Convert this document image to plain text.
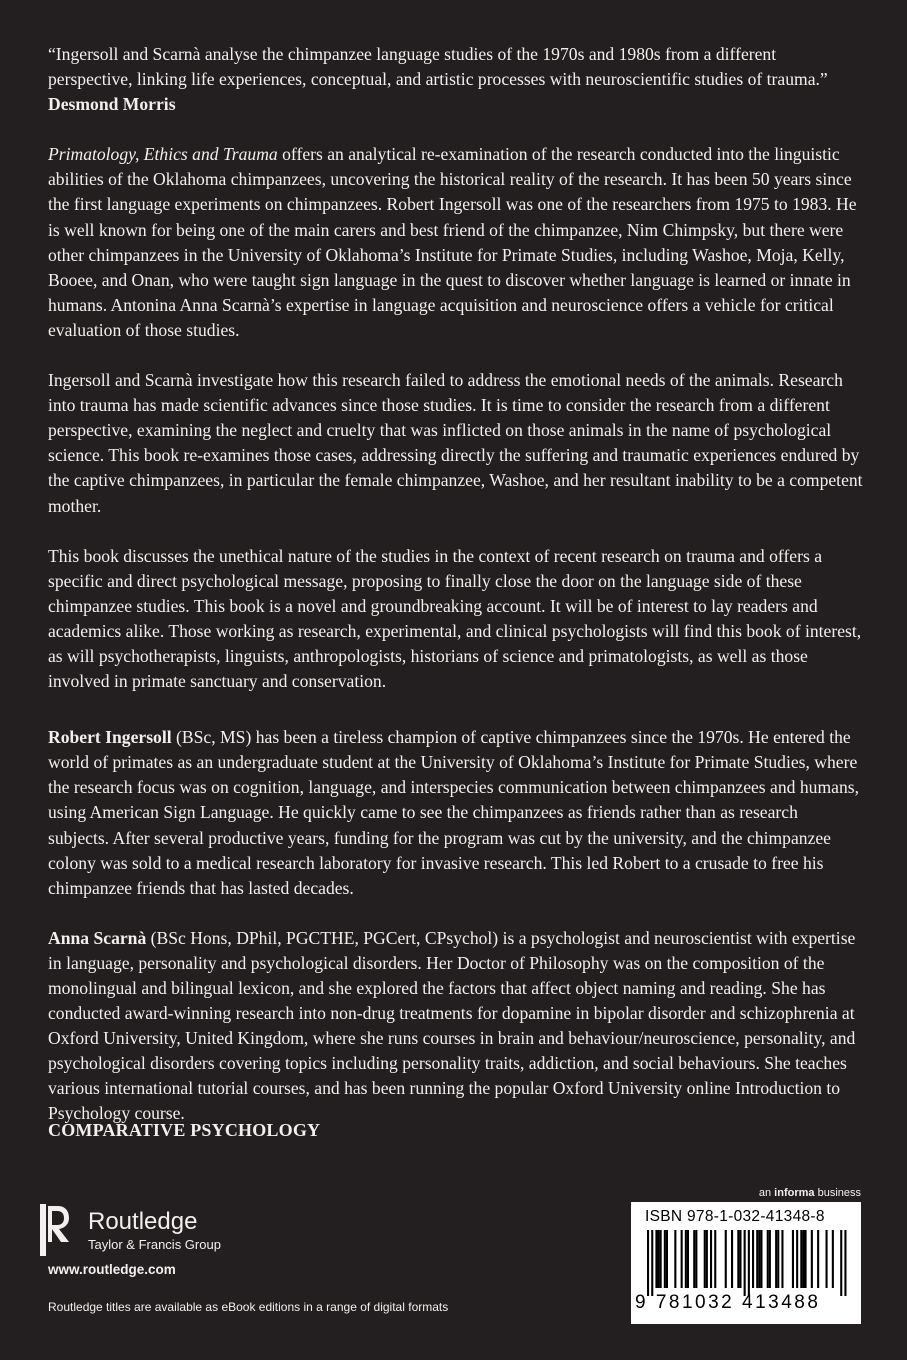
“Ingersoll and Scarnà analyse the chimpanzee language studies of the 1970s and 1980s from a different perspective, linking life experiences, conceptual, and artistic processes with neuroscientific studies of trauma.”

Desmond Morris

Primatology, Ethics and Trauma offers an analytical re-examination of the research conducted into the linguistic abilities of the Oklahoma chimpanzees, uncovering the historical reality of the research. It has been 50 years since the first language experiments on chimpanzees. Robert Ingersoll was one of the researchers from 1975 to 1983. He is well known for being one of the main carers and best friend of the chimpanzee, Nim Chimpsky, but there were other chimpanzees in the University of Oklahoma’s Institute for Primate Studies, including Washoe, Moja, Kelly, Booee, and Onan, who were taught sign language in the quest to discover whether language is learned or innate in humans. Antonina Anna Scarnà’s expertise in language acquisition and neuroscience offers a vehicle for critical evaluation of those studies.

Ingersoll and Scarnà investigate how this research failed to address the emotional needs of the animals. Research into trauma has made scientific advances since those studies. It is time to consider the research from a different perspective, examining the neglect and cruelty that was inflicted on those animals in the name of psychological science. This book re-examines those cases, addressing directly the suffering and traumatic experiences endured by the captive chimpanzees, in particular the female chimpanzee, Washoe, and her resultant inability to be a competent mother.

This book discusses the unethical nature of the studies in the context of recent research on trauma and offers a specific and direct psychological message, proposing to finally close the door on the language side of these chimpanzee studies. This book is a novel and groundbreaking account. It will be of interest to lay readers and academics alike. Those working as research, experimental, and clinical psychologists will find this book of interest, as will psychotherapists, linguists, anthropologists, historians of science and primatologists, as well as those involved in primate sanctuary and conservation.

Robert Ingersoll (BSc, MS) has been a tireless champion of captive chimpanzees since the 1970s. He entered the world of primates as an undergraduate student at the University of Oklahoma’s Institute for Primate Studies, where the research focus was on cognition, language, and interspecies communication between chimpanzees and humans, using American Sign Language. He quickly came to see the chimpanzees as friends rather than as research subjects. After several productive years, funding for the program was cut by the university, and the chimpanzee colony was sold to a medical research laboratory for invasive research. This led Robert to a crusade to free his chimpanzee friends that has lasted decades.

Anna Scarnà (BSc Hons, DPhil, PGCTHE, PGCert, CPsychol) is a psychologist and neuroscientist with expertise in language, personality and psychological disorders. Her Doctor of Philosophy was on the composition of the monolingual and bilingual lexicon, and she explored the factors that affect object naming and reading. She has conducted award-winning research into non-drug treatments for dopamine in bipolar disorder and schizophrenia at Oxford University, United Kingdom, where she runs courses in brain and behaviour/neuroscience, personality, and psychological disorders covering topics including personality traits, addiction, and social behaviours. She teaches various international tutorial courses, and has been running the popular Oxford University online Introduction to Psychology course.

COMPARATIVE PSYCHOLOGY
Routledge
Taylor & Francis Group
www.routledge.com
Routledge titles are available as eBook editions in a range of digital formats
an informa business
ISBN 978-1-032-41348-8
9 781032 413488
